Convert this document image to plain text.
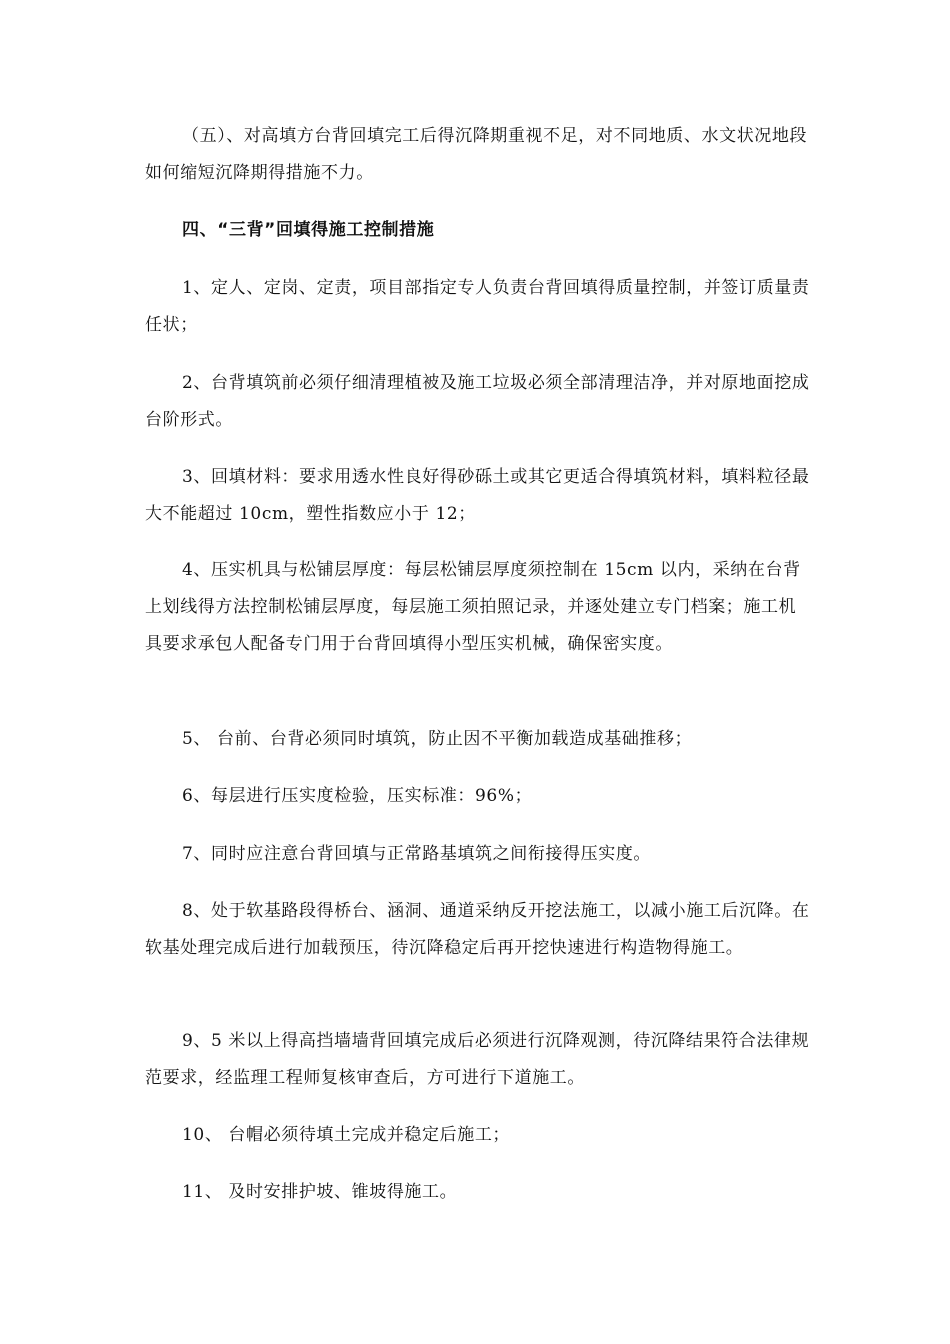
（五）、对高填方台背回填完工后得沉降期重视不足，对不同地质、水文状况地段如何缩短沉降期得措施不力。

四、“三背”回填得施工控制措施

1、定人、定岗、定责，项目部指定专人负责台背回填得质量控制，并签订质量责任状；

2、台背填筑前必须仔细清理植被及施工垃圾必须全部清理洁净，并对原地面挖成台阶形式。

3、回填材料：要求用透水性良好得砂砾土或其它更适合得填筑材料，填料粒径最大不能超过 10cm，塑性指数应小于 12；

4、压实机具与松铺层厚度：每层松铺层厚度须控制在 15cm 以内，采纳在台背上划线得方法控制松铺层厚度，每层施工须拍照记录，并逐处建立专门档案；施工机具要求承包人配备专门用于台背回填得小型压实机械，确保密实度。

5、 台前、台背必须同时填筑，防止因不平衡加载造成基础推移；

6、每层进行压实度检验，压实标准：96%；

7、同时应注意台背回填与正常路基填筑之间衔接得压实度。

8、处于软基路段得桥台、涵洞、通道采纳反开挖法施工，以减小施工后沉降。在软基处理完成后进行加载预压，待沉降稳定后再开挖快速进行构造物得施工。

9、5 米以上得高挡墙墙背回填完成后必须进行沉降观测，待沉降结果符合法律规范要求，经监理工程师复核审查后，方可进行下道施工。

10、 台帽必须待填土完成并稳定后施工；

11、 及时安排护坡、锥坡得施工。
